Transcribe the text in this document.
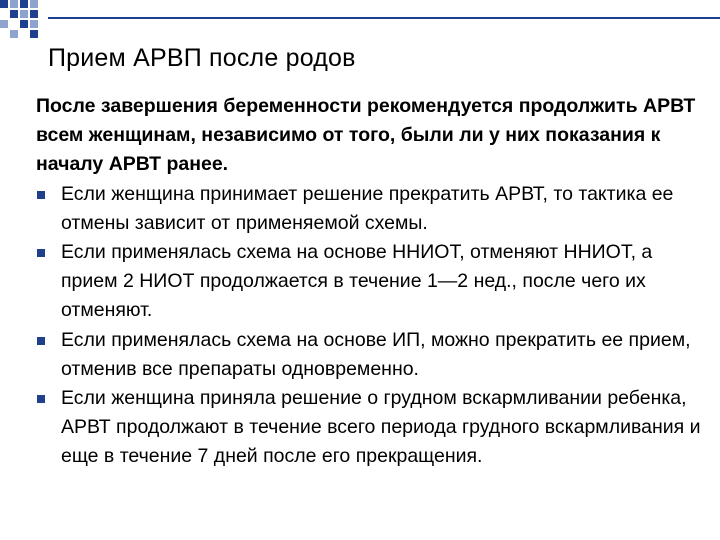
Прием АРВП после родов

После завершения беременности рекомендуется продолжить АРВТ всем женщинам, независимо от того, были ли у них показания к началу АРВТ ранее.

Если женщина принимает решение прекратить АРВТ, то тактика ее отмены зависит от применяемой схемы.
Если применялась схема на основе ННИОТ, отменяют ННИОТ, а прием 2 НИОТ продолжается в течение 1—2 нед., после чего их отменяют.
Если применялась схема на основе ИП, можно прекратить ее прием, отменив все препараты одновременно.
Если женщина приняла решение о грудном вскармливании ребенка, АРВТ продолжают в течение всего периода грудного вскармливания и еще в течение 7 дней после его прекращения.
